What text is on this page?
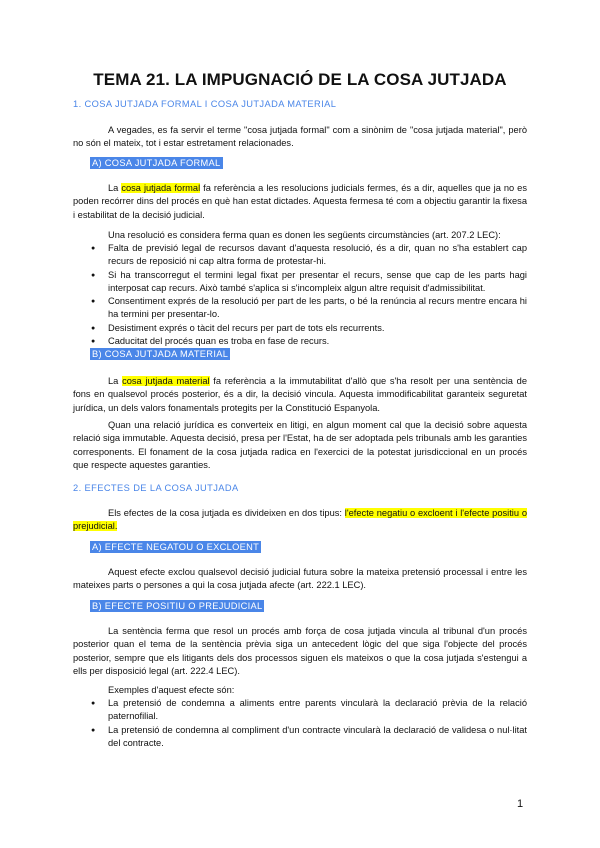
TEMA 21. LA IMPUGNACIÓ DE LA COSA JUTJADA
1. COSA JUTJADA FORMAL I COSA JUTJADA MATERIAL

A vegades, es fa servir el terme "cosa jutjada formal" com a sinònim de "cosa jutjada material", però no són el mateix, tot i estar estretament relacionades.

A) COSA JUTJADA FORMAL

La cosa jutjada formal fa referència a les resolucions judicials fermes, és a dir, aquelles que ja no es poden recórrer dins del procés en què han estat dictades. Aquesta fermesa té com a objectiu garantir la fixesa i estabilitat de la decisió judicial.

Una resolució es considera ferma quan es donen les següents circumstàncies (art. 207.2 LEC):

● Falta de previsió legal de recursos davant d'aquesta resolució, és a dir, quan no s'ha establert cap recurs de reposició ni cap altra forma de protestar-hi.
● Si ha transcorregut el termini legal fixat per presentar el recurs, sense que cap de les parts hagi interposat cap recurs. Això també s'aplica si s'incompleix algun altre requisit d'admissibilitat.
● Consentiment exprés de la resolució per part de les parts, o bé la renúncia al recurs mentre encara hi ha termini per presentar-lo.
● Desistiment exprés o tàcit del recurs per part de tots els recurrents.
● Caducitat del procés quan es troba en fase de recurs.
B) COSA JUTJADA MATERIAL

La cosa jutjada material fa referència a la immutabilitat d'allò que s'ha resolt per una sentència de fons en qualsevol procés posterior, és a dir, la decisió vincula. Aquesta immodificabilitat garanteix seguretat jurídica, un dels valors fonamentals protegits per la Constitució Espanyola.

Quan una relació jurídica es converteix en litigi, en algun moment cal que la decisió sobre aquesta relació siga immutable. Aquesta decisió, presa per l'Estat, ha de ser adoptada pels tribunals amb les garanties corresponents. El fonament de la cosa jutjada radica en l'exercici de la potestat jurisdiccional en un procés que respecte aquestes garanties.

2. EFECTES DE LA COSA JUTJADA

Els efectes de la cosa jutjada es divideixen en dos tipus: l'efecte negatiu o excloent i l'efecte positiu o prejudicial.

A) EFECTE NEGATOU O EXCLOENT

Aquest efecte exclou qualsevol decisió judicial futura sobre la mateixa pretensió processal i entre les mateixes parts o persones a qui la cosa jutjada afecte (art. 222.1 LEC).

B) EFECTE POSITIU O PREJUDICIAL

La sentència ferma que resol un procés amb força de cosa jutjada vincula al tribunal d'un procés posterior quan el tema de la sentència prèvia siga un antecedent lògic del que siga l'objecte del procés posterior, sempre que els litigants dels dos processos siguen els mateixos o que la cosa jutjada s'estengui a ells per disposició legal (art. 222.4 LEC).

Exemples d'aquest efecte són:
● La pretensió de condemna a aliments entre parents vincularà la declaració prèvia de la relació paternofilial.
● La pretensió de condemna al compliment d'un contracte vincularà la declaració de validesa o nul·litat del contracte.
1
